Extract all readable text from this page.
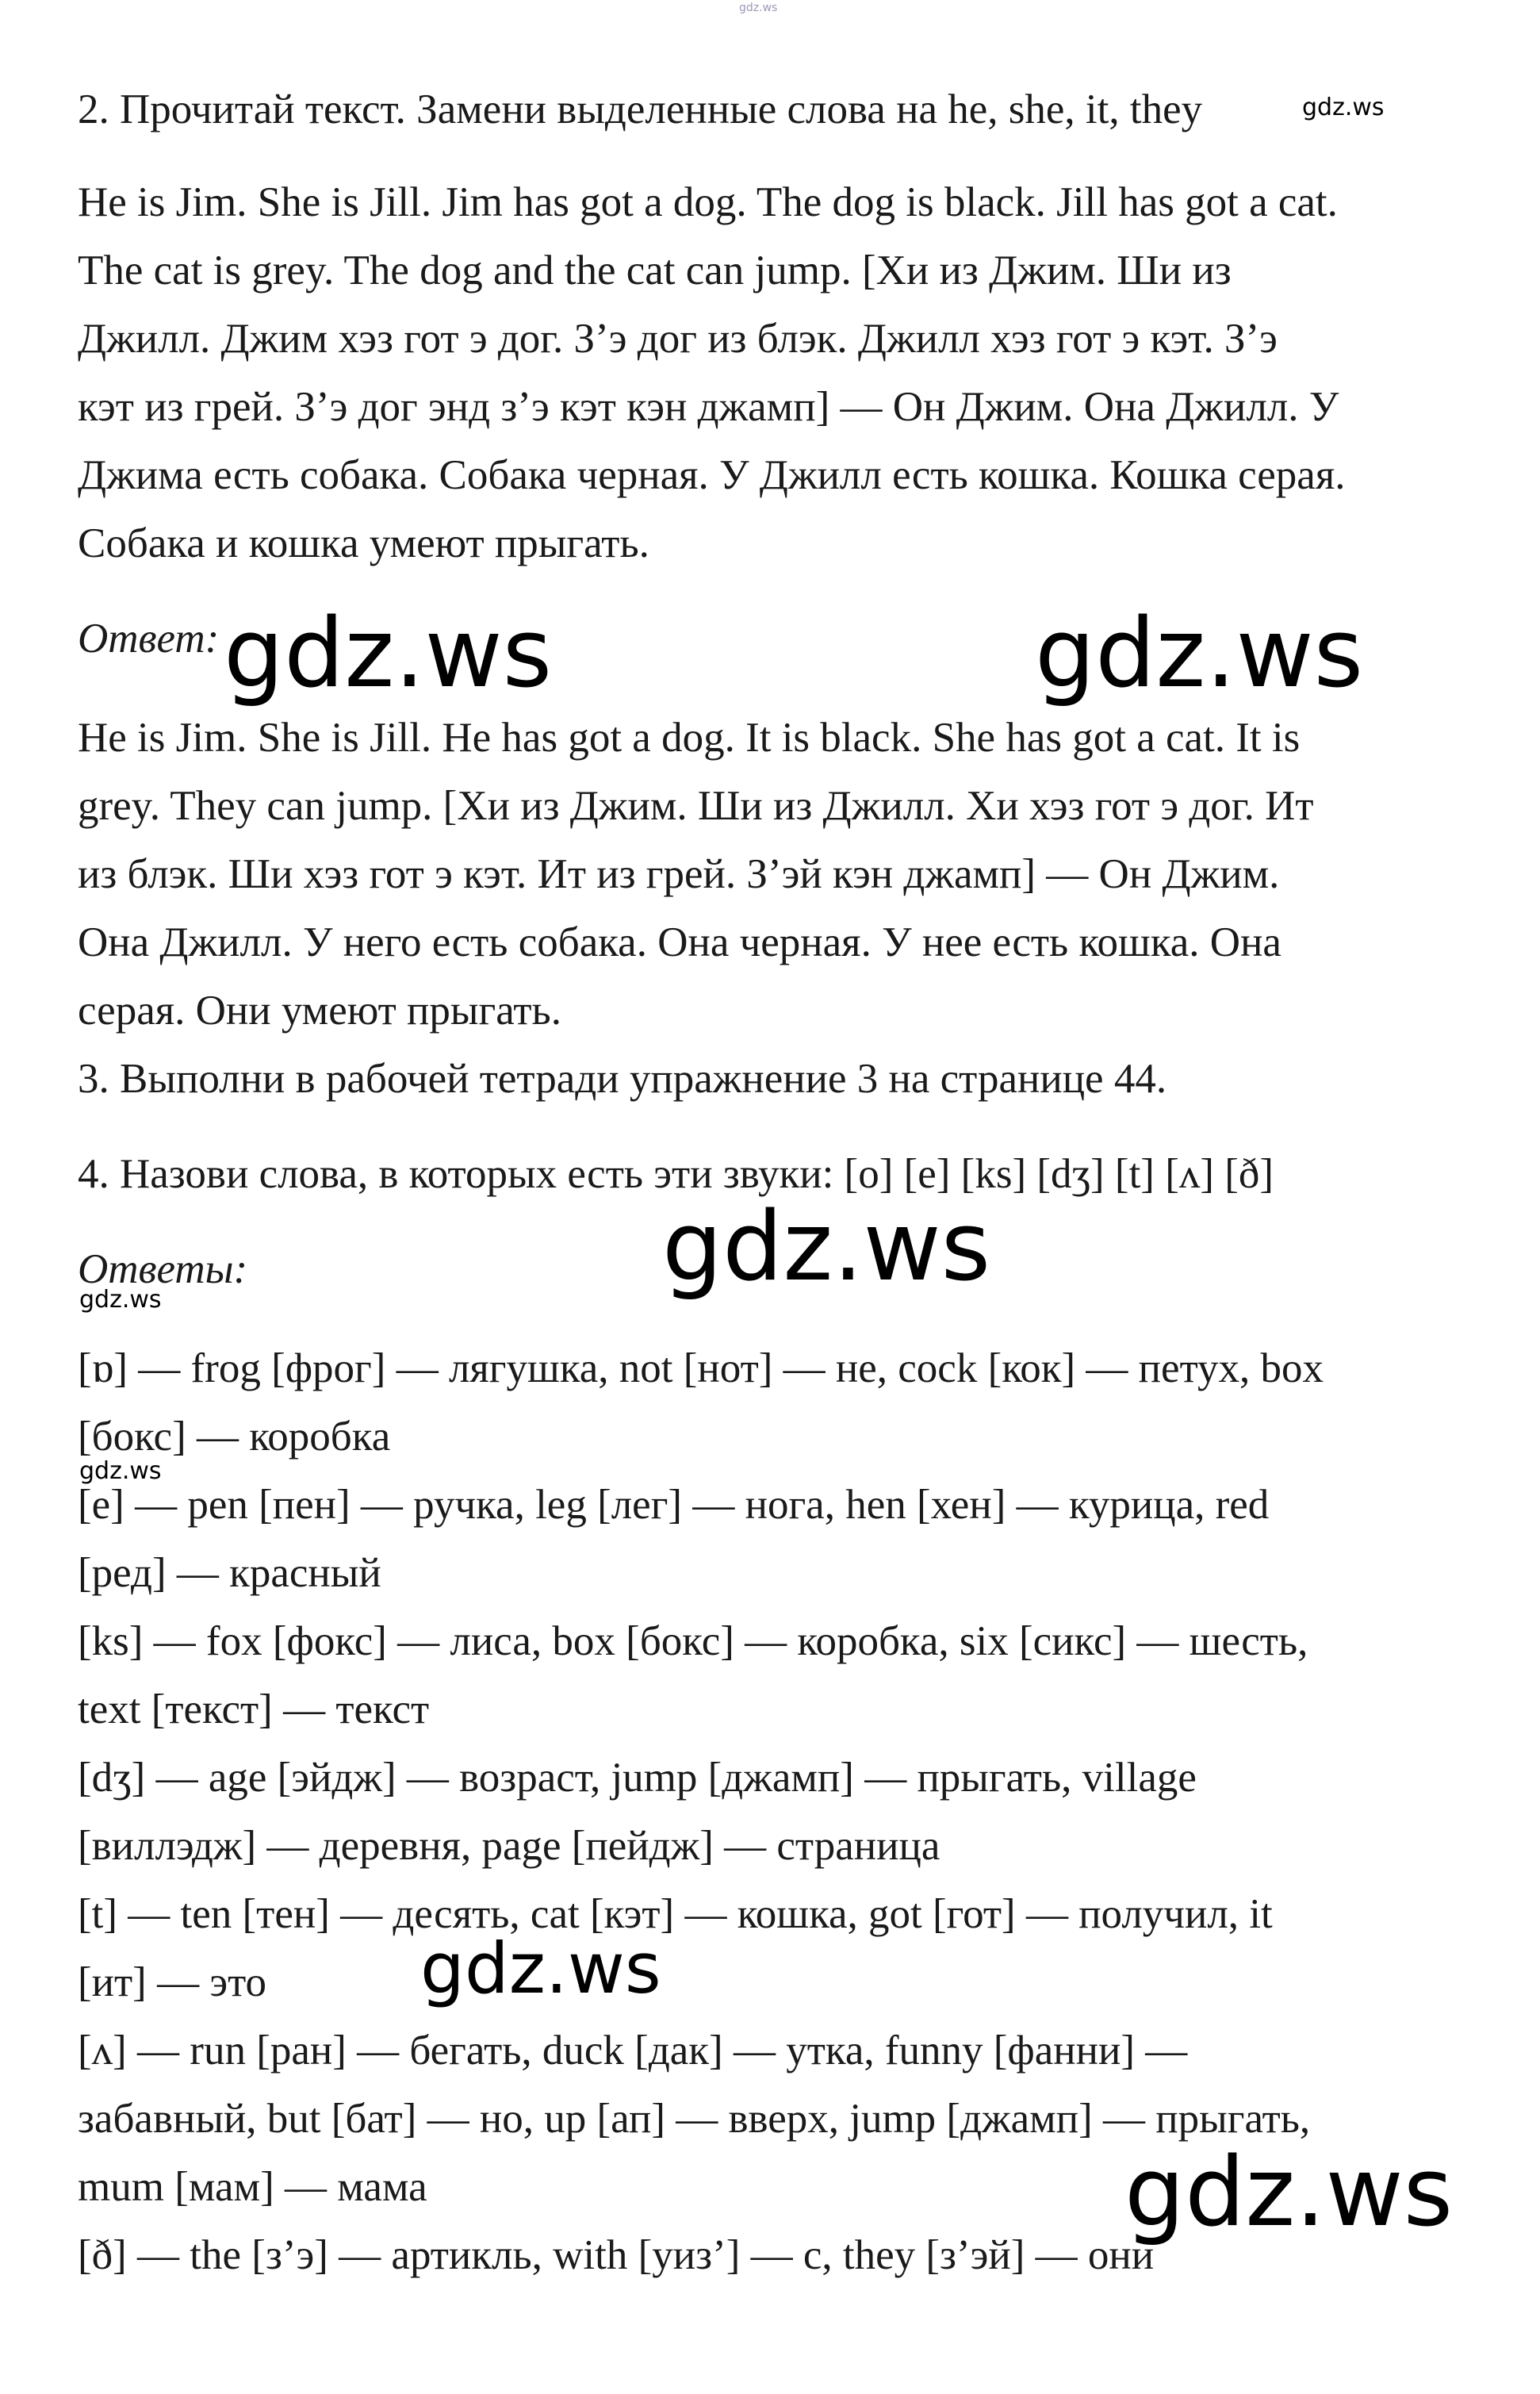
gdz.ws
2. Прочитай текст. Замени выделенные слова на he, she, it, they	gdz.ws
He is Jim. She is Jill. Jim has got a dog. The dog is black. Jill has got a cat.
The cat is grey. The dog and the cat can jump. [Хи из Джим. Ши из
Джилл. Джим хэз гот э дог. З’э дог из блэк. Джилл хэз гот э кэт. З’э
кэт из грей. З’э дог энд з’э кэт кэн джамп] — Он Джим. Она Джилл. У
Джима есть собака. Собака черная. У Джилл есть кошка. Кошка серая.
Собака и кошка умеют прыгать.
Ответ: gdz.ws	gdz.ws
He is Jim. She is Jill. He has got a dog. It is black. She has got a cat. It is
grey. They can jump. [Хи из Джим. Ши из Джилл. Хи хэз гот э дог. Ит
из блэк. Ши хэз гот э кэт. Ит из грей. З’эй кэн джамп] — Он Джим.
Она Джилл. У него есть собака. Она черная. У нее есть кошка. Она
серая. Они умеют прыгать.
3. Выполни в рабочей тетради упражнение 3 на странице 44.
4. Назови слова, в которых есть эти звуки: [o] [e] [ks] [dʒ] [t] [ʌ] [ð]
gdz.ws
Ответы:
gdz.ws
[ɒ] — frog [фрог] — лягушка, not [нот] — не, cock [кок] — петух, box
[бокс] — коробка
gdz.ws
[e] — pen [пен] — ручка, leg [лег] — нога, hen [хен] — курица, red
[ред] — красный
[ks] — fox [фокс] — лиса, box [бокс] — коробка, six [сикс] — шесть,
text [текст] — текст
[dʒ] — age [эйдж] — возраст, jump [джамп] — прыгать, village
[виллэдж] — деревня, page [пейдж] — страница
[t] — ten [тен] — десять, cat [кэт] — кошка, got [гот] — получил, it
[ит] — это gdz.ws
[ʌ] — run [ран] — бегать, duck [дак] — утка, funny [фанни] —
забавный, but [бат] — но, up [ап] — вверх, jump [джамп] — прыгать,
mum [мам] — мама	gdz.ws
[ð] — the [з’э] — артикль, with [уиз’] — с, they [з’эй] — они
